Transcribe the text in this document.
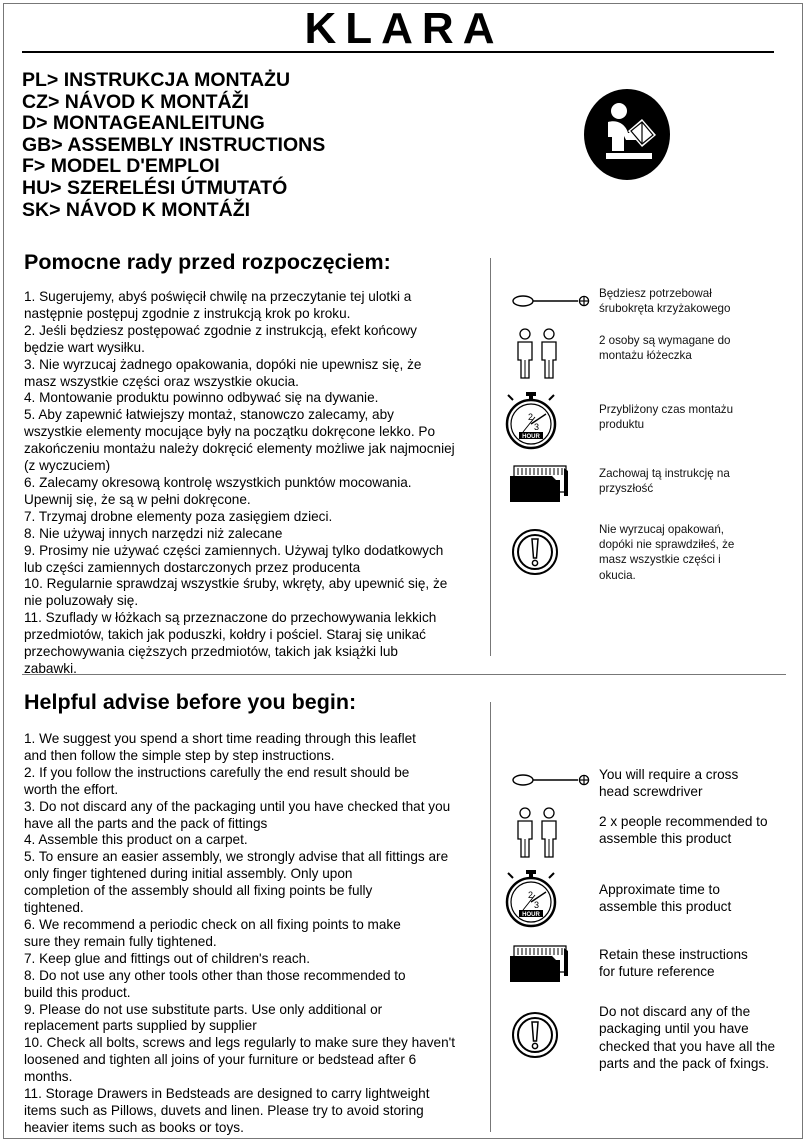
KLARA
PL> INSTRUKCJA MONTAŻU
CZ> NÁVOD K MONTÁŽI
D> MONTAGEANLEITUNG
GB> ASSEMBLY INSTRUCTIONS
F> MODEL D'EMPLOI
HU> SZERELÉSI ÚTMUTATÓ
SK> NÁVOD K MONTÁŽI
Pomocne rady przed rozpoczęciem:
1. Sugerujemy, abyś poświęcił chwilę na przeczytanie tej ulotki a
następnie postępuj zgodnie z instrukcją krok po kroku.
2. Jeśli będziesz postępować zgodnie z instrukcją, efekt końcowy
będzie wart wysiłku.
3. Nie wyrzucaj żadnego opakowania, dopóki nie upewnisz się, że
masz wszystkie części oraz wszystkie okucia.
4. Montowanie produktu powinno odbywać się na dywanie.
5. Aby zapewnić łatwiejszy montaż, stanowczo zalecamy, aby
wszystkie elementy mocujące były na początku dokręcone lekko. Po
zakończeniu montażu należy dokręcić elementy możliwe jak najmocniej
(z wyczuciem)
6. Zalecamy okresową kontrolę wszystkich punktów mocowania.
Upewnij się, że są w pełni dokręcone.
7. Trzymaj drobne elementy poza zasięgiem dzieci.
8. Nie używaj innych narzędzi niż zalecane
9. Prosimy nie używać części zamiennych. Używaj tylko dodatkowych
lub części zamiennych dostarczonych przez producenta
10. Regularnie sprawdzaj wszystkie śruby, wkręty, aby upewnić się, że
nie poluzowały się.
11. Szuflady w łóżkach są przeznaczone do przechowywania lekkich
przedmiotów, takich jak poduszki, kołdry i pościel. Staraj się unikać
przechowywania cięższych przedmiotów, takich jak książki lub
zabawki.
Będziesz potrzebował
śrubokręta krzyżakowego
2 osoby są wymagane do
montażu łóżeczka
2
3
HOUR
Przybliżony czas montażu
produktu
Zachowaj tą instrukcję na
przyszłość
Nie wyrzucaj opakowań,
dopóki nie sprawdziłeś, że
masz wszystkie części i
okucia.
Helpful advise before you begin:
1. We suggest you spend a short time reading through this leaflet
and then follow the simple step by step instructions.
2. If you follow the instructions carefully the end result should be
worth the effort.
3. Do not discard any of the packaging until you have checked that you
have all the parts and the pack of fittings
4. Assemble this product on a carpet.
5. To ensure an easier assembly, we strongly advise that all fittings are
only finger tightened during initial assembly. Only upon
completion of the assembly should all fixing points be fully
tightened.
6. We recommend a periodic check on all fixing points to make
sure they remain fully tightened.
7. Keep glue and fittings out of children's reach.
8. Do not use any other tools other than those recommended to
build this product.
9. Please do not use substitute parts. Use only additional or
replacement parts supplied by supplier
10. Check all bolts, screws and legs regularly to make sure they haven't
loosened and tighten all joins of your furniture or bedstead after 6
months.
11. Storage Drawers in Bedsteads are designed to carry lightweight
items such as Pillows, duvets and linen. Please try to avoid storing
heavier items such as books or toys.
You will require a cross
head screwdriver
2 x people recommended to
assemble this product
2
3
HOUR
Approximate time to
assemble this product
Retain these instructions
for future reference
Do not discard any of the
packaging until you have
checked that you have all the
parts and the pack of fxings.
